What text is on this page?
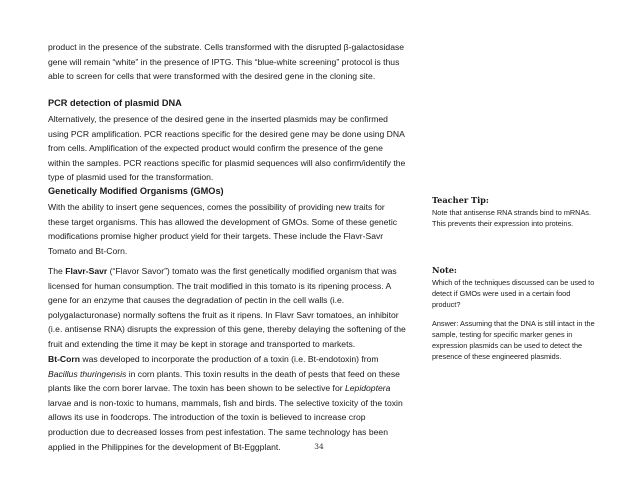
product in the presence of the substrate. Cells transformed with the disrupted β-galactosidase
gene will remain “white” in the presence of IPTG. This “blue-white screening” protocol is thus
able to screen for cells that were transformed with the desired gene in the cloning site.

PCR detection of plasmid DNA

Alternatively, the presence of the desired gene in the inserted plasmids may be confirmed
using PCR amplification. PCR reactions specific for the desired gene may be done using DNA
from cells. Amplification of the expected product would confirm the presence of the gene
within the samples. PCR reactions specific for plasmid sequences will also confirm/identify the
type of plasmid used for the transformation.

Genetically Modified Organisms (GMOs)

With the ability to insert gene sequences, comes the possibility of providing new traits for
these target organisms. This has allowed the development of GMOs. Some of these genetic
modifications promise higher product yield for their targets. These include the Flavr-Savr
Tomato and Bt-Corn.

The Flavr-Savr (“Flavor Savor”) tomato was the first genetically modified organism that was
licensed for human consumption. The trait modified in this tomato is its ripening process. A
gene for an enzyme that causes the degradation of pectin in the cell walls (i.e.
polygalacturonase) normally softens the fruit as it ripens. In Flavr Savr tomatoes, an inhibitor
(i.e. antisense RNA) disrupts the expression of this gene, thereby delaying the softening of the
fruit and extending the time it may be kept in storage and transported to markets.

Bt-Corn was developed to incorporate the production of a toxin (i.e. Bt-endotoxin) from
Bacillus thuringensis in corn plants. This toxin results in the death of pests that feed on these
plants like the corn borer larvae. The toxin has been shown to be selective for Lepidoptera
larvae and is non-toxic to humans, mammals, fish and birds. The selective toxicity of the toxin
allows its use in foodcrops. The introduction of the toxin is believed to increase crop
production due to decreased losses from pest infestation. The same technology has been
applied in the Philippines for the development of Bt-Eggplant.

Teacher Tip:

Note that antisense RNA strands bind to mRNAs.
This prevents their expression into proteins.

Note:

Which of the techniques discussed can be used to
detect if GMOs were used in a certain food
product?

Answer: Assuming that the DNA is still intact in the
sample, testing for specific marker genes in
expression plasmids can be used to detect the
presence of these engineered plasmids.

34
